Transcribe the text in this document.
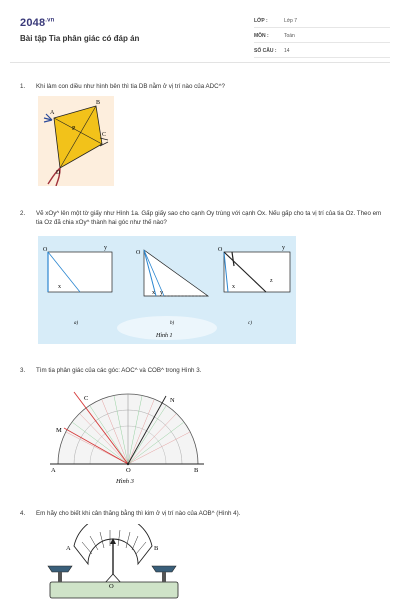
$2048^{.vn}$
Bài tập Tia phân giác có đáp án
LỚP :	Lớp 7
MÔN :	Toán
SỐ CÂU : 14
1. Khi làm con diều như hình bên thì tia DB nằm ở vị trí nào của ADC^?
A
B
P
C
D
2. Vẽ xOy^ lên một tờ giấy như Hình 1a. Gấp giấy sao cho cạnh Oy trùng với cạnh Ox. Nếu gấp cho ta vị trí của tia Oz. Theo em tia Oz đã chia xOy^ thành hai góc như thế nào?
O	y
x
a)
O
x y
b)
O	y
x
z
c)
Hình 1
3. Tìm tia phân giác của các góc: AOC^ và COB^ trong Hình 3.
C	N
M
A	O	B
Hình 3
4. Em hãy cho biết khi cân thăng bằng thì kim ở vị trí nào của AOB^ (Hình 4).
A	B
O
